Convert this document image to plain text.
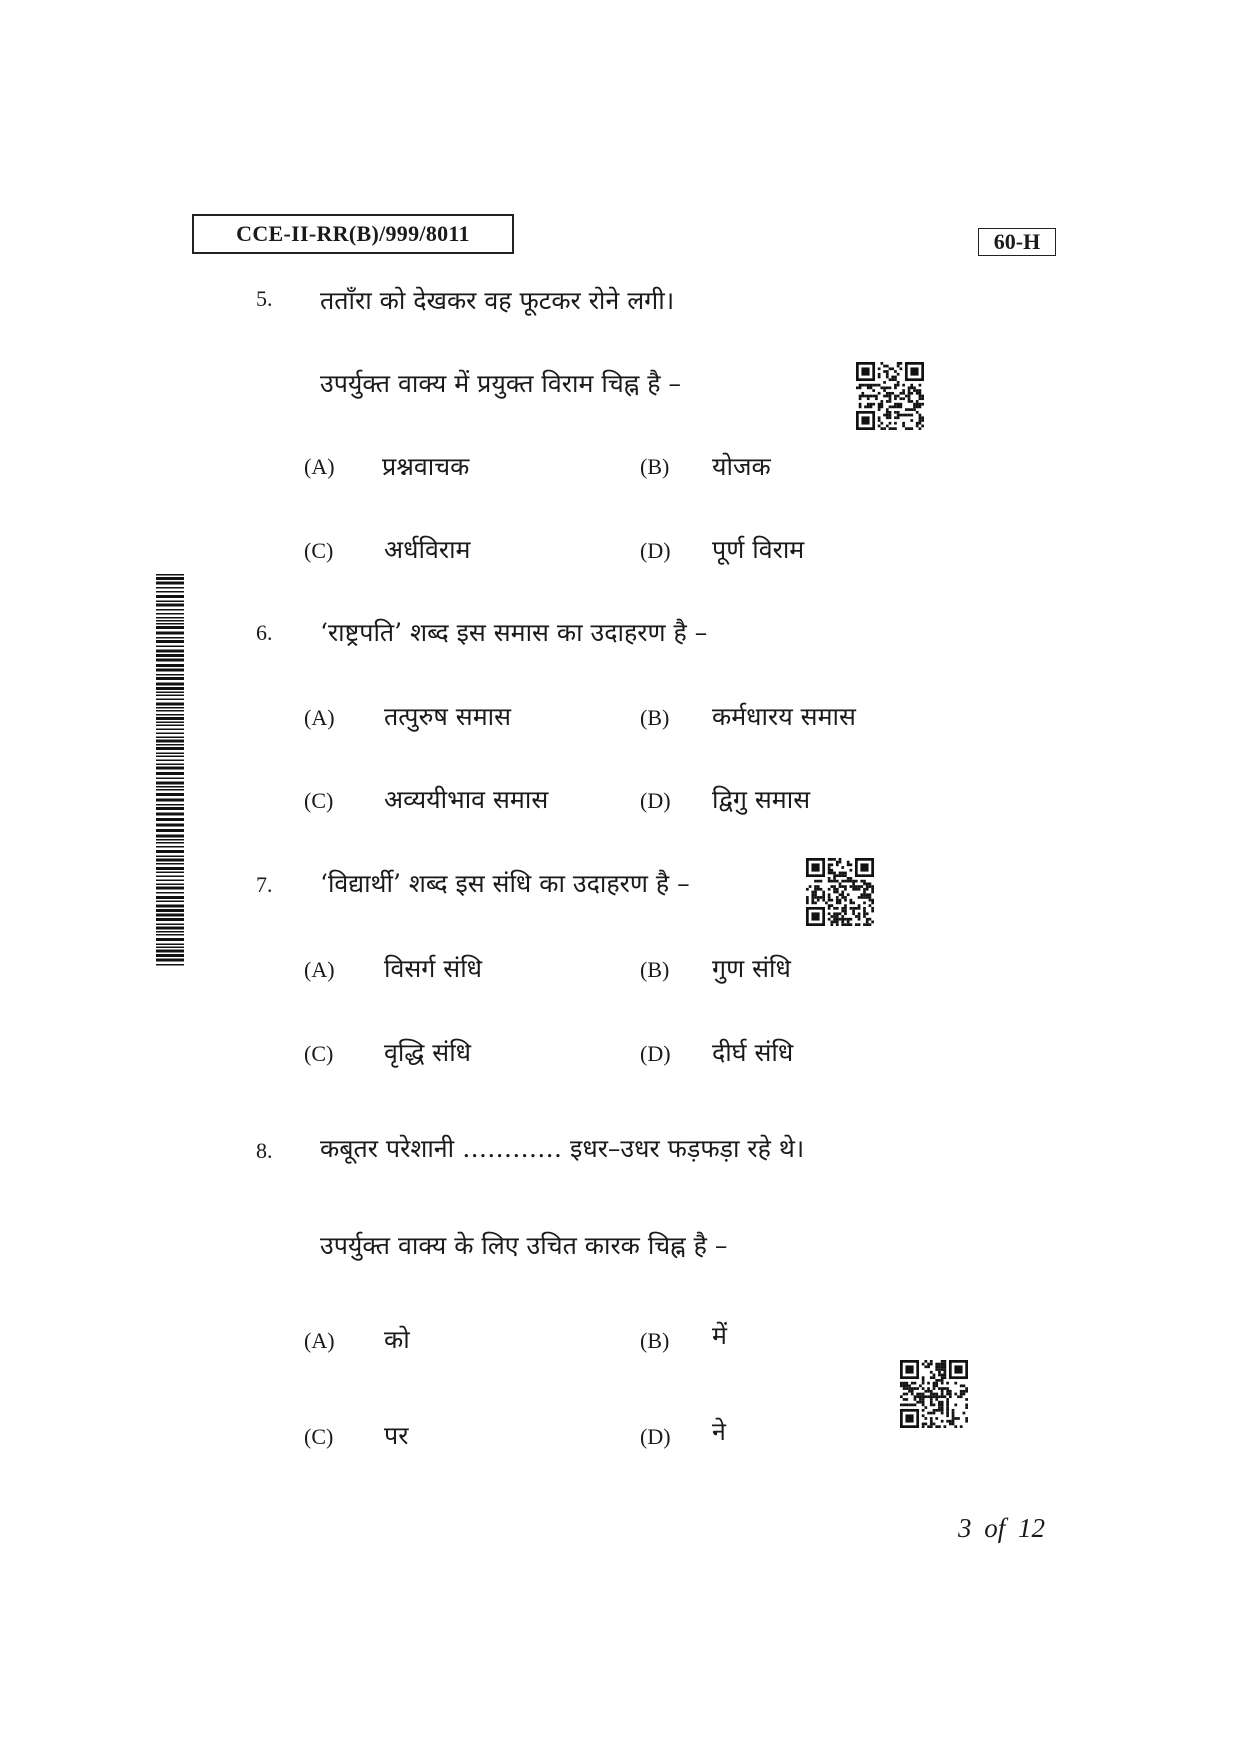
CCE-II-RR(B)/999/8011	60-H
5. तताँरा को देखकर वह फूटकर रोने लगी।
उपर्युक्त वाक्य में प्रयुक्त विराम चिह्न है –
(A) प्रश्नवाचक	(B) योजक
(C) अर्धविराम	(D) पूर्ण विराम
6. ‘राष्ट्रपति’ शब्द इस समास का उदाहरण है –
(A) तत्पुरुष समास	(B) कर्मधारय समास
(C) अव्ययीभाव समास	(D) द्विगु समास
7. ‘विद्यार्थी’ शब्द इस संधि का उदाहरण है –
(A) विसर्ग संधि	(B) गुण संधि
(C) वृद्धि संधि	(D) दीर्घ संधि
8. कबूतर परेशानी ………… इधर–उधर फड़फड़ा रहे थे।
उपर्युक्त वाक्य के लिए उचित कारक चिह्न है –
(A) को	(B) में
(C) पर	(D) ने
3 of 12
